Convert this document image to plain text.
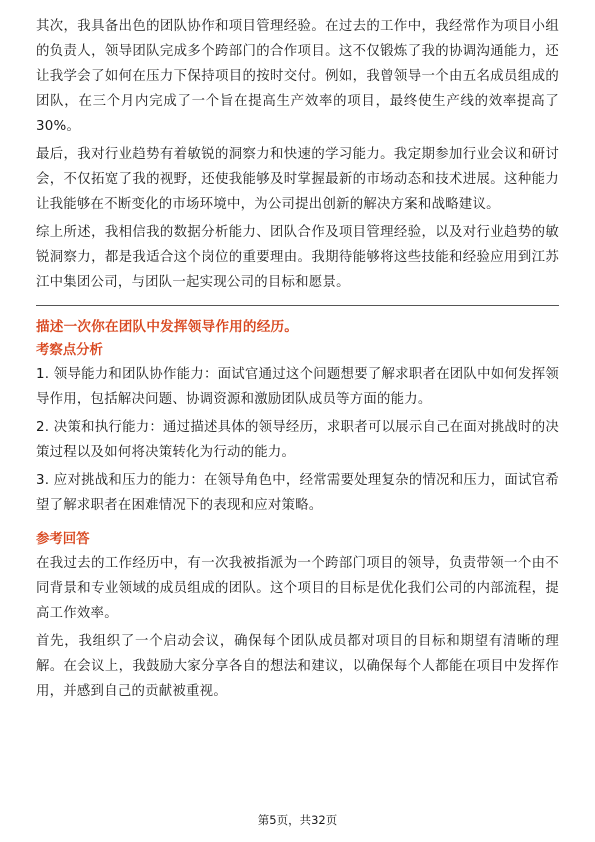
其次，我具备出色的团队协作和项目管理经验。在过去的工作中，我经常作为项目小组的负责人，领导团队完成多个跨部门的合作项目。这不仅锻炼了我的协调沟通能力，还让我学会了如何在压力下保持项目的按时交付。例如，我曾领导一个由五名成员组成的团队，在三个月内完成了一个旨在提高生产效率的项目，最终使生产线的效率提高了30%。

最后，我对行业趋势有着敏锐的洞察力和快速的学习能力。我定期参加行业会议和研讨会，不仅拓宽了我的视野，还使我能够及时掌握最新的市场动态和技术进展。这种能力让我能够在不断变化的市场环境中，为公司提出创新的解决方案和战略建议。

综上所述，我相信我的数据分析能力、团队合作及项目管理经验，以及对行业趋势的敏锐洞察力，都是我适合这个岗位的重要理由。我期待能够将这些技能和经验应用到江苏江中集团公司，与团队一起实现公司的目标和愿景。

描述一次你在团队中发挥领导作用的经历。
考察点分析

1. 领导能力和团队协作能力：面试官通过这个问题想要了解求职者在团队中如何发挥领导作用，包括解决问题、协调资源和激励团队成员等方面的能力。

2. 决策和执行能力：通过描述具体的领导经历，求职者可以展示自己在面对挑战时的决策过程以及如何将决策转化为行动的能力。

3. 应对挑战和压力的能力：在领导角色中，经常需要处理复杂的情况和压力，面试官希望了解求职者在困难情况下的表现和应对策略。

参考回答

在我过去的工作经历中，有一次我被指派为一个跨部门项目的领导，负责带领一个由不同背景和专业领域的成员组成的团队。这个项目的目标是优化我们公司的内部流程，提高工作效率。

首先，我组织了一个启动会议，确保每个团队成员都对项目的目标和期望有清晰的理解。在会议上，我鼓励大家分享各自的想法和建议，以确保每个人都能在项目中发挥作用，并感到自己的贡献被重视。

第5页，共32页
